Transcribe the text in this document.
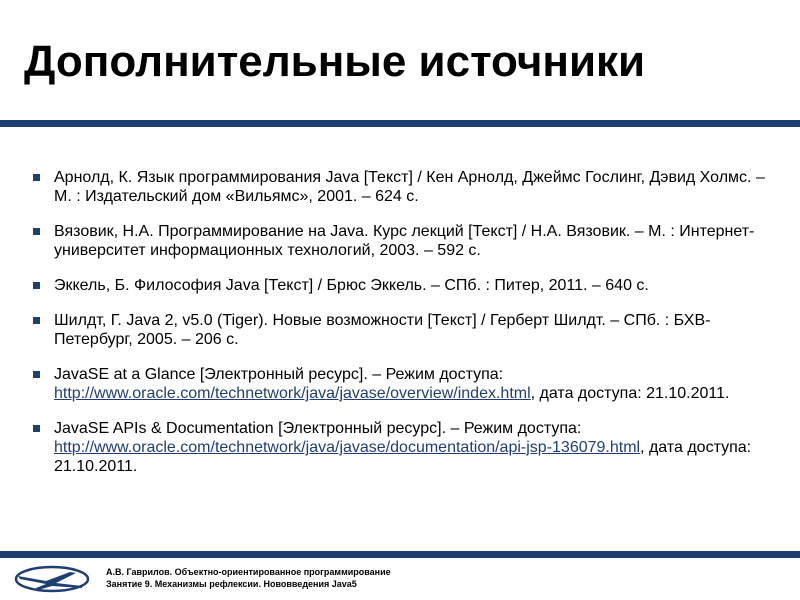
Дополнительные источники
Арнолд, К. Язык программирования Java [Текст] / Кен Арнолд, Джеймс Гослинг, Дэвид Холмс. – М. : Издательский дом «Вильямс», 2001. – 624 с.
Вязовик, Н.А. Программирование на Java. Курс лекций [Текст] / Н.А. Вязовик. – М. : Интернет-университет информационных технологий, 2003. – 592 с.
Эккель, Б. Философия Java [Текст] / Брюс Эккель. – СПб. : Питер, 2011. – 640 с.
Шилдт, Г. Java 2, v5.0 (Tiger). Новые возможности [Текст] / Герберт Шилдт. – СПб. : БХВ-Петербург, 2005. – 206 с.
JavaSE at a Glance [Электронный ресурс]. – Режим доступа: http://www.oracle.com/technetwork/java/javase/overview/index.html, дата доступа: 21.10.2011.
JavaSE APIs & Documentation [Электронный ресурс]. – Режим доступа: http://www.oracle.com/technetwork/java/javase/documentation/api-jsp-136079.html, дата доступа: 21.10.2011.

А.В. Гаврилов. Объектно-ориентированное программирование

Занятие 9. Механизмы рефлексии. Нововведения Java5
